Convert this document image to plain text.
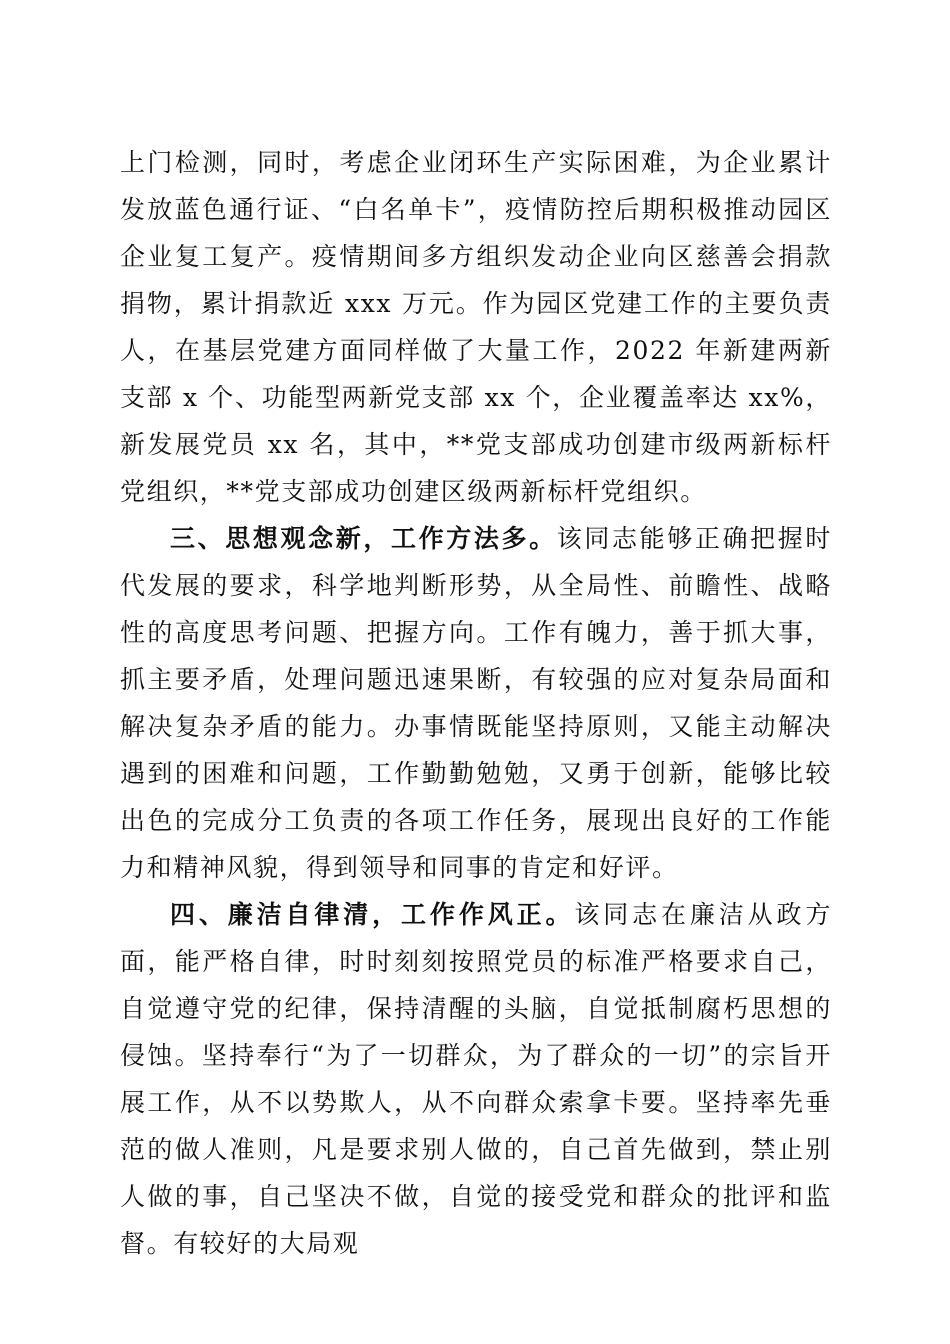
上门检测，同时，考虑企业闭环生产实际困难，为企业累计发放蓝色通行证、“白名单卡”，疫情防控后期积极推动园区企业复工复产。疫情期间多方组织发动企业向区慈善会捐款捐物，累计捐款近 xxx 万元。作为园区党建工作的主要负责人，在基层党建方面同样做了大量工作，2022 年新建两新支部 x 个、功能型两新党支部 xx 个，企业覆盖率达 xx%，新发展党员 xx 名，其中，**党支部成功创建市级两新标杆党组织，**党支部成功创建区级两新标杆党组织。

三、思想观念新，工作方法多。该同志能够正确把握时代发展的要求，科学地判断形势，从全局性、前瞻性、战略性的高度思考问题、把握方向。工作有魄力，善于抓大事，抓主要矛盾，处理问题迅速果断，有较强的应对复杂局面和解决复杂矛盾的能力。办事情既能坚持原则，又能主动解决遇到的困难和问题，工作勤勤勉勉，又勇于创新，能够比较出色的完成分工负责的各项工作任务，展现出良好的工作能力和精神风貌，得到领导和同事的肯定和好评。

四、廉洁自律清，工作作风正。该同志在廉洁从政方面，能严格自律，时时刻刻按照党员的标准严格要求自己，自觉遵守党的纪律，保持清醒的头脑，自觉抵制腐朽思想的侵蚀。坚持奉行“为了一切群众，为了群众的一切”的宗旨开展工作，从不以势欺人，从不向群众索拿卡要。坚持率先垂范的做人准则，凡是要求别人做的，自己首先做到，禁止别人做的事，自己坚决不做，自觉的接受党和群众的批评和监督。有较好的大局观
